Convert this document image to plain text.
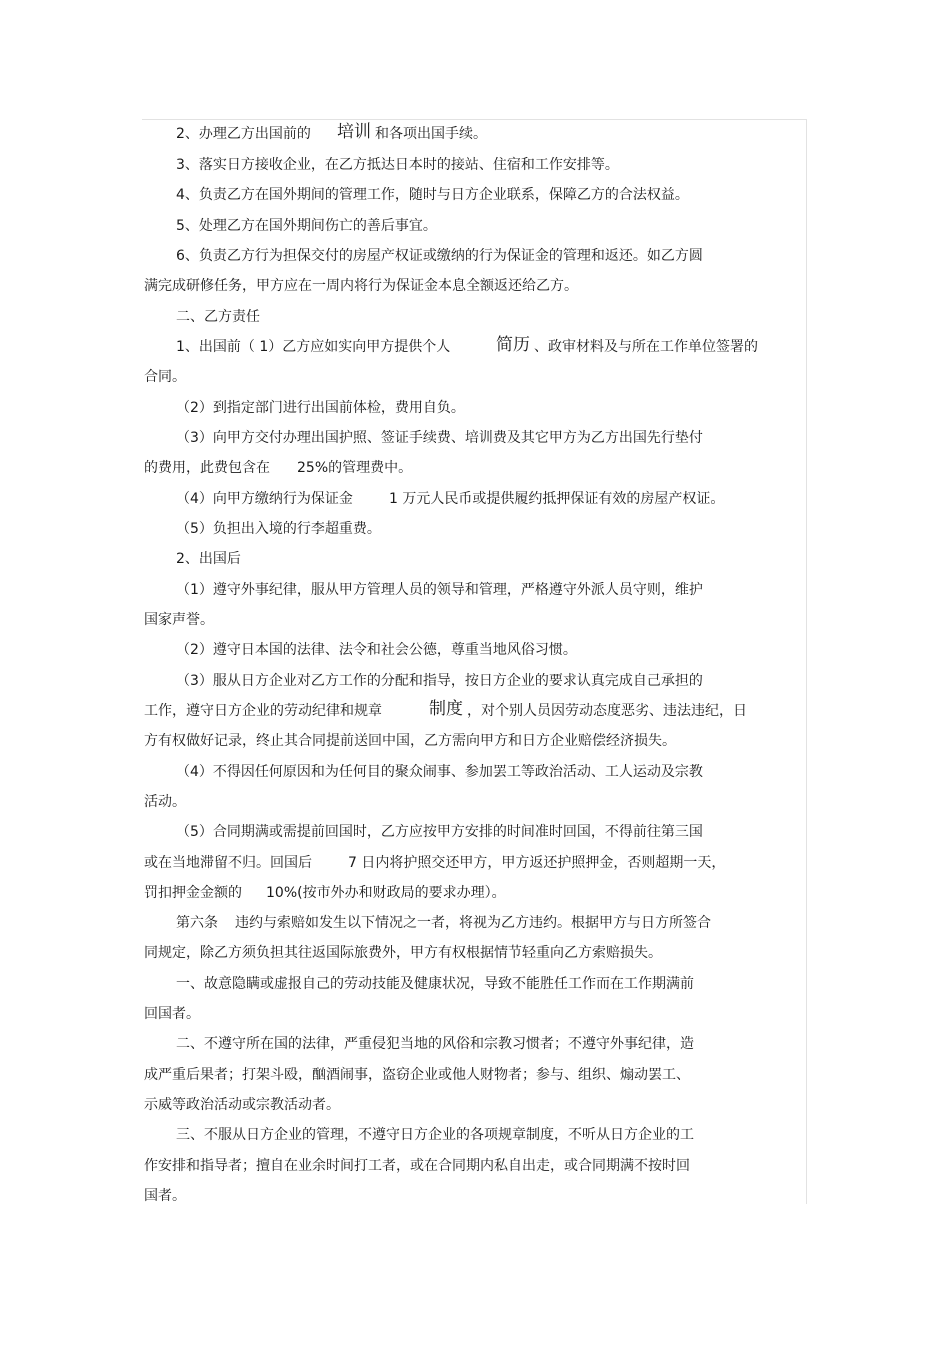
2、办理乙方出国前的 培训 和各项出国手续。

3、落实日方接收企业，在乙方抵达日本时的接站、住宿和工作安排等。

4、负责乙方在国外期间的管理工作，随时与日方企业联系，保障乙方的合法权益。

5、处理乙方在国外期间伤亡的善后事宜。

6、负责乙方行为担保交付的房屋产权证或缴纳的行为保证金的管理和返还。如乙方圆

满完成研修任务，甲方应在一周内将行为保证金本息全额返还给乙方。

二、乙方责任

1、出国前（ 1）乙方应如实向甲方提供个人	简历 、政审材料及与所在工作单位签署的

合同。

（2）到指定部门进行出国前体检，费用自负。

（3）向甲方交付办理出国护照、签证手续费、培训费及其它甲方为乙方出国先行垫付

的费用，此费包含在 25%的管理费中。

（4）向甲方缴纳行为保证金	1 万元人民币或提供履约抵押保证有效的房屋产权证。

（5）负担出入境的行李超重费。

2、出国后

（1）遵守外事纪律，服从甲方管理人员的领导和管理，严格遵守外派人员守则，维护

国家声誉。

（2）遵守日本国的法律、法令和社会公德，尊重当地风俗习惯。

（3）服从日方企业对乙方工作的分配和指导，按日方企业的要求认真完成自己承担的

工作，遵守日方企业的劳动纪律和规章	制度 ，对个别人员因劳动态度恶劣、违法违纪，日

方有权做好记录，终止其合同提前送回中国，乙方需向甲方和日方企业赔偿经济损失。

（4）不得因任何原因和为任何目的聚众闹事、参加罢工等政治活动、工人运动及宗教

活动。

（5）合同期满或需提前回国时，乙方应按甲方安排的时间准时回国，不得前往第三国

或在当地滞留不归。回国后	7 日内将护照交还甲方，甲方返还护照押金，否则超期一天，

罚扣押金金额的 10%(按市外办和财政局的要求办理）。

第六条 违约与索赔如发生以下情况之一者，将视为乙方违约。根据甲方与日方所签合

同规定，除乙方须负担其往返国际旅费外，甲方有权根据情节轻重向乙方索赔损失。

一、故意隐瞒或虚报自己的劳动技能及健康状况，导致不能胜任工作而在工作期满前

回国者。

二、不遵守所在国的法律，严重侵犯当地的风俗和宗教习惯者；不遵守外事纪律，造

成严重后果者；打架斗殴，酗酒闹事，盗窃企业或他人财物者；参与、组织、煽动罢工、

示威等政治活动或宗教活动者。

三、不服从日方企业的管理，不遵守日方企业的各项规章制度，不听从日方企业的工

作安排和指导者；擅自在业余时间打工者，或在合同期内私自出走，或合同期满不按时回

国者。
